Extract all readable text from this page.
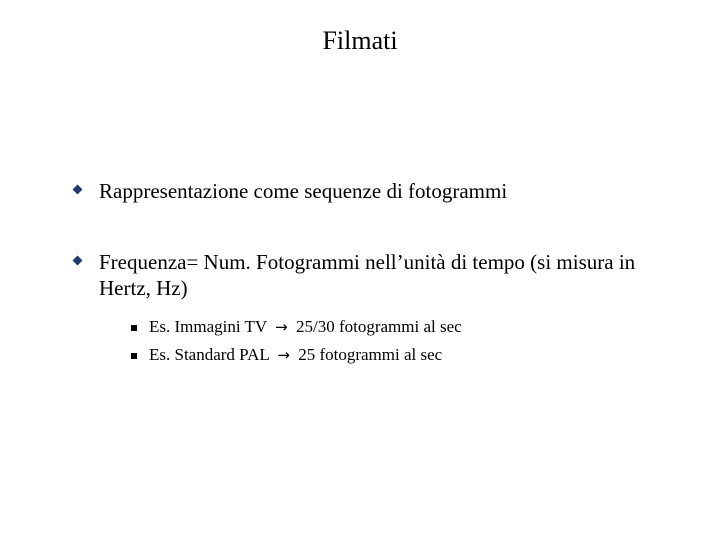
Filmati
Rappresentazione come sequenze di fotogrammi
Frequenza= Num. Fotogrammi nell’unità di tempo (si misura in Hertz, Hz)
Es. Immagini TV → 25/30 fotogrammi al sec
Es. Standard PAL → 25 fotogrammi al sec
